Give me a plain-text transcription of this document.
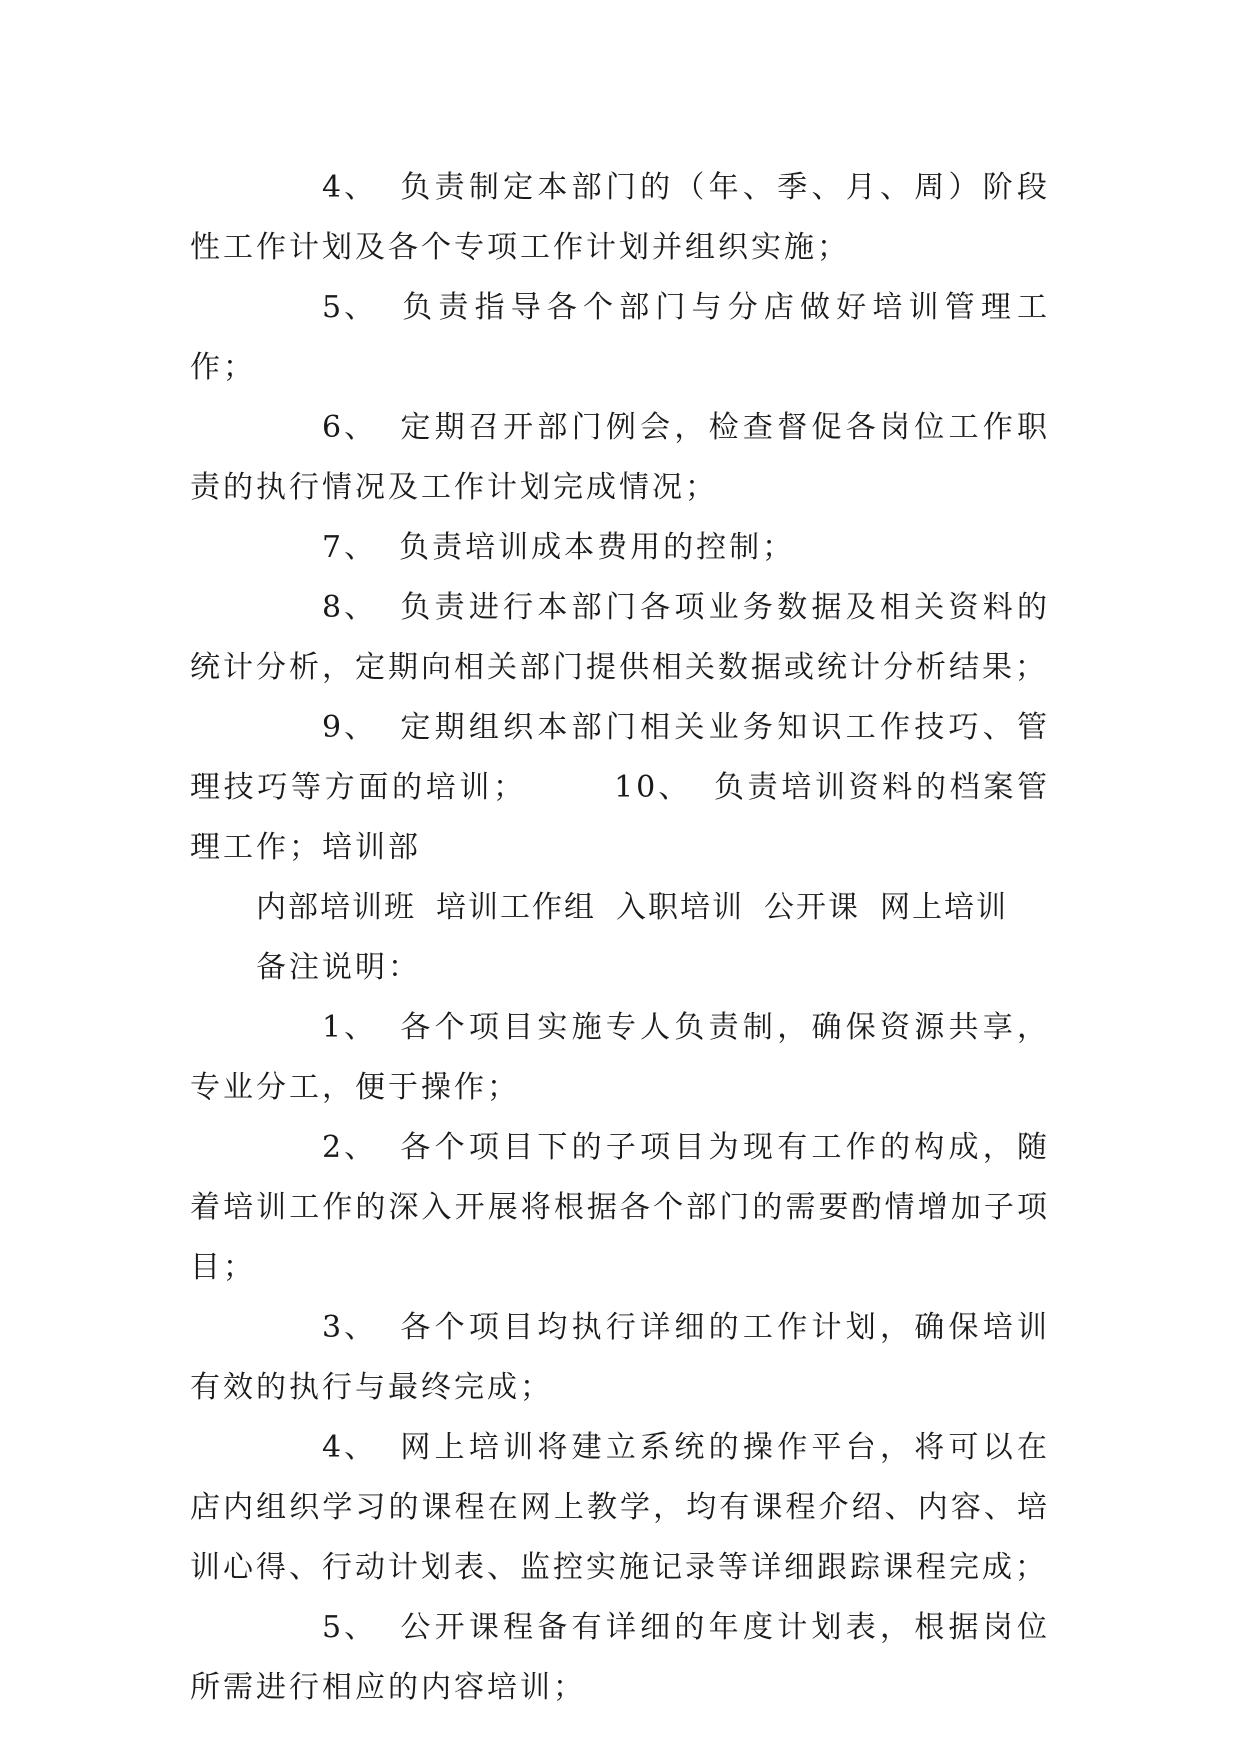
4、 负责制定本部门的（年、季、月、周）阶段性工作计划及各个专项工作计划并组织实施；

5、 负责指导各个部门与分店做好培训管理工作；

6、 定期召开部门例会，检查督促各岗位工作职责的执行情况及工作计划完成情况；

7、 负责培训成本费用的控制；

8、 负责进行本部门各项业务数据及相关资料的统计分析，定期向相关部门提供相关数据或统计分析结果；

9、 定期组织本部门相关业务知识工作技巧、管理技巧等方面的培训；	10、 负责培训资料的档案管理工作；培训部

内部培训班 培训工作组 入职培训 公开课 网上培训

备注说明：

1、 各个项目实施专人负责制，确保资源共享，专业分工，便于操作；

2、 各个项目下的子项目为现有工作的构成，随着培训工作的深入开展将根据各个部门的需要酌情增加子项目；

3、 各个项目均执行详细的工作计划，确保培训有效的执行与最终完成；

4、 网上培训将建立系统的操作平台，将可以在店内组织学习的课程在网上教学，均有课程介绍、内容、培训心得、行动计划表、监控实施记录等详细跟踪课程完成；

5、 公开课程备有详细的年度计划表，根据岗位所需进行相应的内容培训；
